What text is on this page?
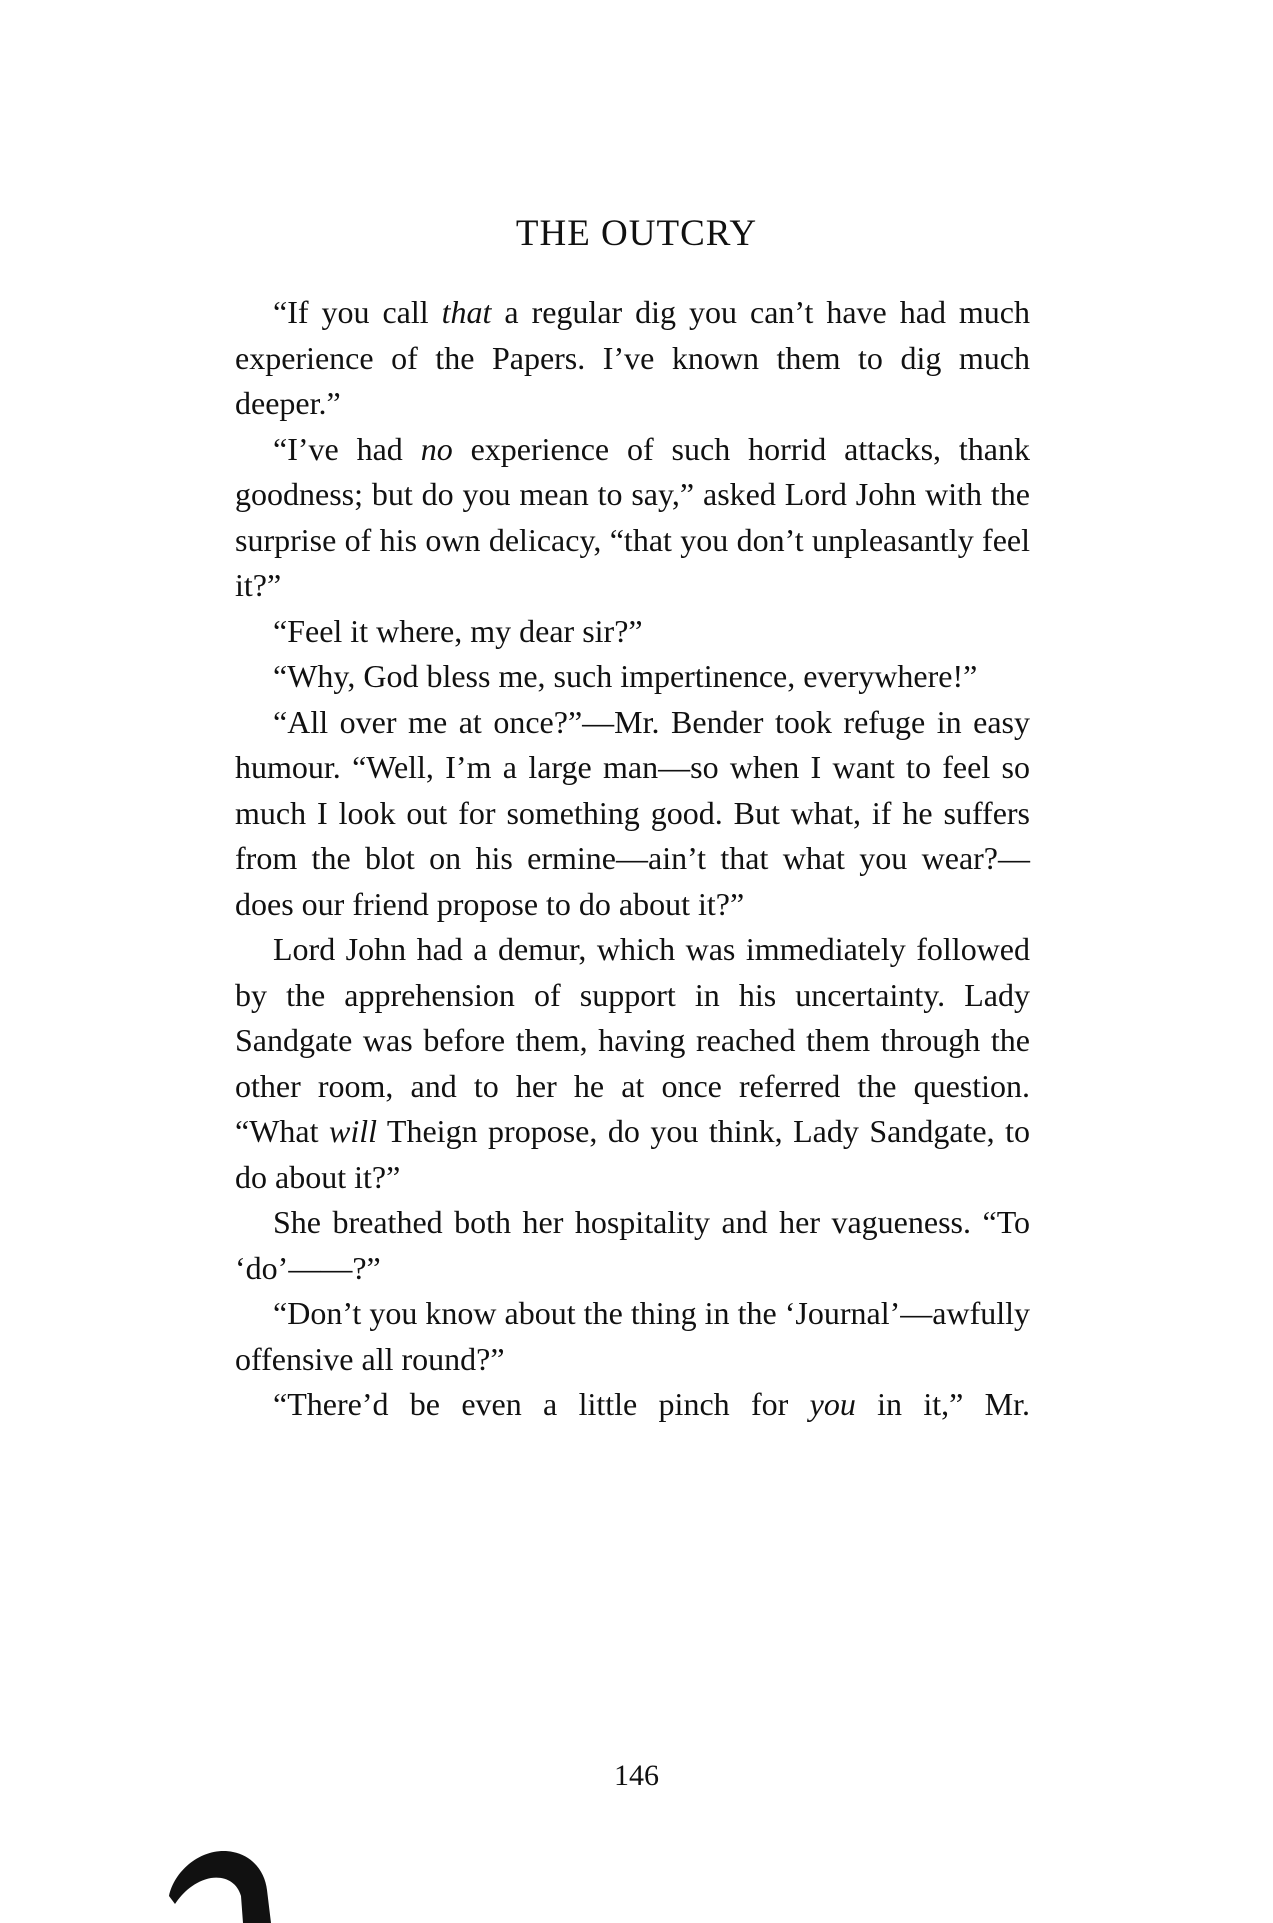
THE OUTCRY

“If you call that a regular dig you can’t have had much experience of the Papers. I’ve known them to dig much deeper.”

“I’ve had no experience of such horrid attacks, thank goodness; but do you mean to say,” asked Lord John with the surprise of his own delicacy, “that you don’t unpleasantly feel it?”

“Feel it where, my dear sir?”

“Why, God bless me, such impertinence, everywhere!”

“All over me at once?”—Mr. Bender took refuge in easy humour. “Well, I’m a large man—so when I want to feel so much I look out for something good. But what, if he suffers from the blot on his ermine—ain’t that what you wear?—does our friend propose to do about it?”

Lord John had a demur, which was immediately followed by the apprehension of support in his uncertainty. Lady Sandgate was before them, having reached them through the other room, and to her he at once referred the question. “What will Theign propose, do you think, Lady Sandgate, to do about it?”

She breathed both her hospitality and her vagueness. “To ‘do’——?”

“Don’t you know about the thing in the ‘Journal’—awfully offensive all round?”

“There’d be even a little pinch for you in it,” Mr.

146
